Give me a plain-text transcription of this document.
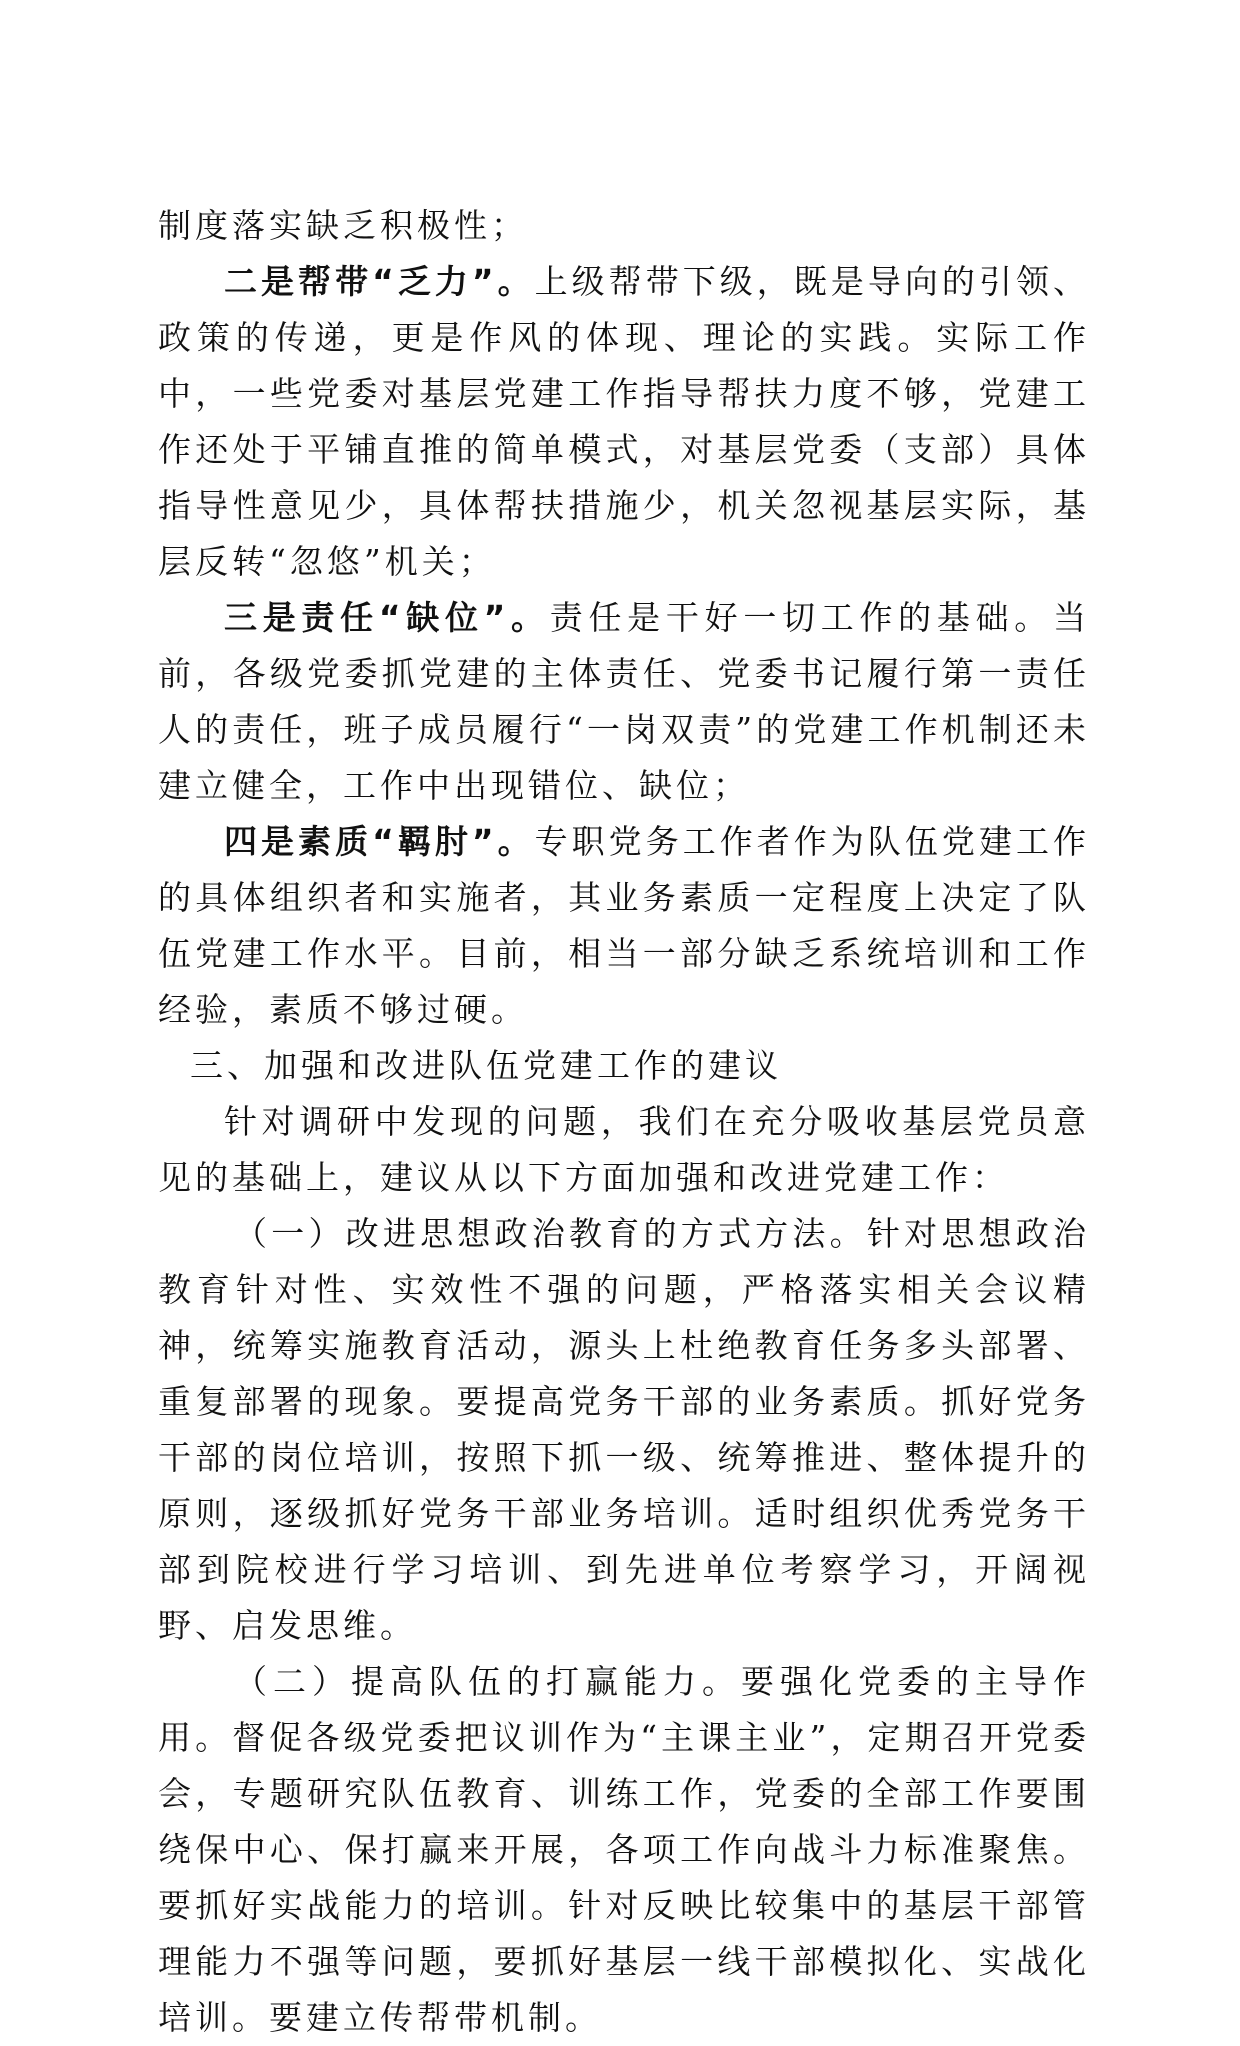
制度落实缺乏积极性；

二是帮带“乏力”。上级帮带下级，既是导向的引领、政策的传递，更是作风的体现、理论的实践。实际工作中，一些党委对基层党建工作指导帮扶力度不够，党建工作还处于平铺直推的简单模式，对基层党委（支部）具体指导性意见少，具体帮扶措施少，机关忽视基层实际，基层反转“忽悠”机关；

三是责任“缺位”。责任是干好一切工作的基础。当前，各级党委抓党建的主体责任、党委书记履行第一责任人的责任，班子成员履行“一岗双责”的党建工作机制还未建立健全，工作中出现错位、缺位；

四是素质“羁肘”。专职党务工作者作为队伍党建工作的具体组织者和实施者，其业务素质一定程度上决定了队伍党建工作水平。目前，相当一部分缺乏系统培训和工作经验，素质不够过硬。

三、加强和改进队伍党建工作的建议

针对调研中发现的问题，我们在充分吸收基层党员意见的基础上，建议从以下方面加强和改进党建工作：

（一）改进思想政治教育的方式方法。针对思想政治教育针对性、实效性不强的问题，严格落实相关会议精神，统筹实施教育活动，源头上杜绝教育任务多头部署、重复部署的现象。要提高党务干部的业务素质。抓好党务干部的岗位培训，按照下抓一级、统筹推进、整体提升的原则，逐级抓好党务干部业务培训。适时组织优秀党务干部到院校进行学习培训、到先进单位考察学习，开阔视野、启发思维。

（二）提高队伍的打赢能力。要强化党委的主导作用。督促各级党委把议训作为“主课主业”，定期召开党委会，专题研究队伍教育、训练工作，党委的全部工作要围绕保中心、保打赢来开展，各项工作向战斗力标准聚焦。要抓好实战能力的培训。针对反映比较集中的基层干部管理能力不强等问题，要抓好基层一线干部模拟化、实战化培训。要建立传帮带机制。
